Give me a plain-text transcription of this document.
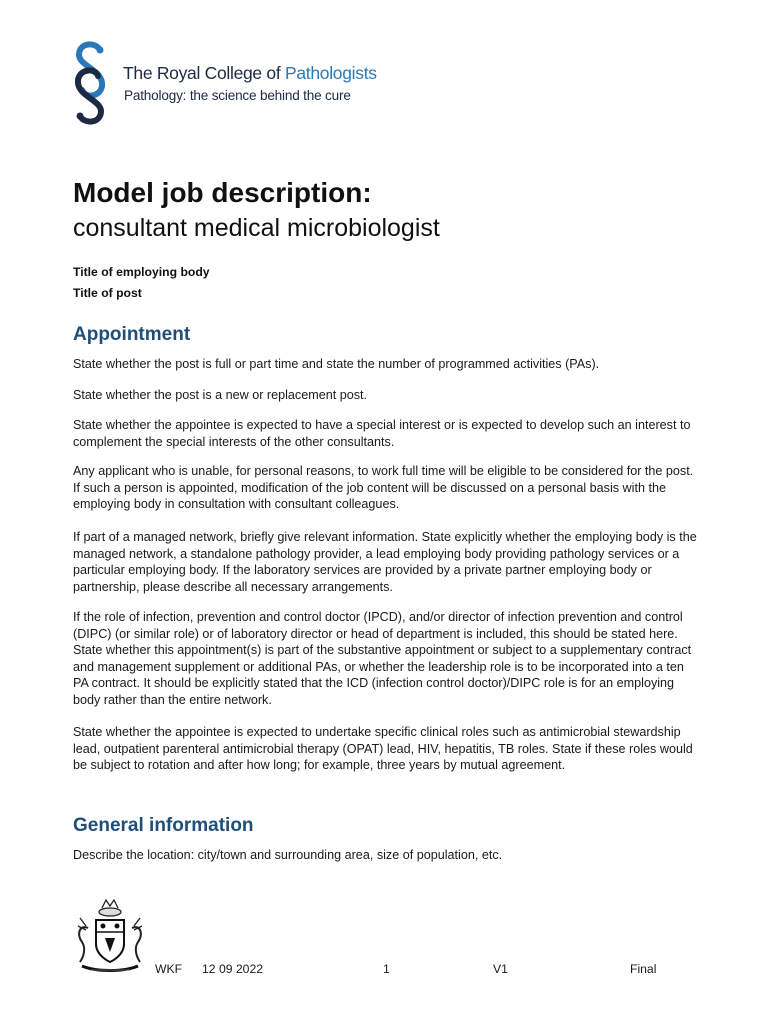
The Royal College of Pathologists
Pathology: the science behind the cure
Model job description:
consultant medical microbiologist
Title of employing body
Title of post
Appointment

State whether the post is full or part time and state the number of programmed activities (PAs).

State whether the post is a new or replacement post.

State whether the appointee is expected to have a special interest or is expected to develop such an interest to complement the special interests of the other consultants.

Any applicant who is unable, for personal reasons, to work full time will be eligible to be considered for the post. If such a person is appointed, modification of the job content will be discussed on a personal basis with the employing body in consultation with consultant colleagues.

If part of a managed network, briefly give relevant information. State explicitly whether the employing body is the managed network, a standalone pathology provider, a lead employing body providing pathology services or a particular employing body. If the laboratory services are provided by a private partner employing body or partnership, please describe all necessary arrangements.

If the role of infection, prevention and control doctor (IPCD), and/or director of infection prevention and control (DIPC) (or similar role) or of laboratory director or head of department is included, this should be stated here. State whether this appointment(s) is part of the substantive appointment or subject to a supplementary contract and management supplement or additional PAs, or whether the leadership role is to be incorporated into a ten PA contract. It should be explicitly stated that the ICD (infection control doctor)/DIPC role is for an employing body rather than the entire network.

State whether the appointee is expected to undertake specific clinical roles such as antimicrobial stewardship lead, outpatient parenteral antimicrobial therapy (OPAT) lead, HIV, hepatitis, TB roles. State if these roles would be subject to rotation and after how long; for example, three years by mutual agreement.

General information

Describe the location: city/town and surrounding area, size of population, etc.

WKF 12 09 2022	1	V1	Final
